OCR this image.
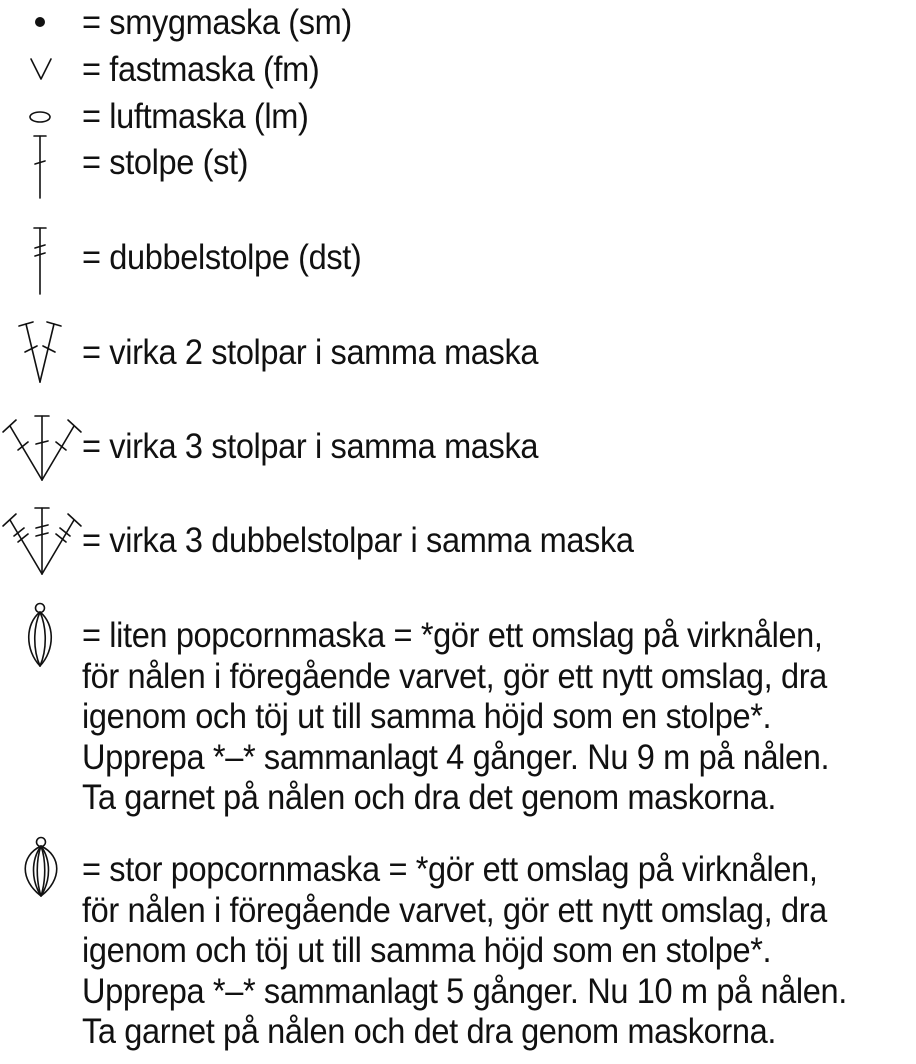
= smygmaska (sm)
= fastmaska (fm)
= luftmaska (lm)
= stolpe (st)
= dubbelstolpe (dst)
= virka 2 stolpar i samma maska
= virka 3 stolpar i samma maska
= virka 3 dubbelstolpar i samma maska
= liten popcornmaska = *gör ett omslag på virknålen,
för nålen i föregående varvet, gör ett nytt omslag, dra
igenom och töj ut till samma höjd som en stolpe*.
Upprepa *–* sammanlagt 4 gånger. Nu 9 m på nålen.
Ta garnet på nålen och dra det genom maskorna.
= stor popcornmaska = *gör ett omslag på virknålen,
för nålen i föregående varvet, gör ett nytt omslag, dra
igenom och töj ut till samma höjd som en stolpe*.
Upprepa *–* sammanlagt 5 gånger. Nu 10 m på nålen.
Ta garnet på nålen och det dra genom maskorna.
